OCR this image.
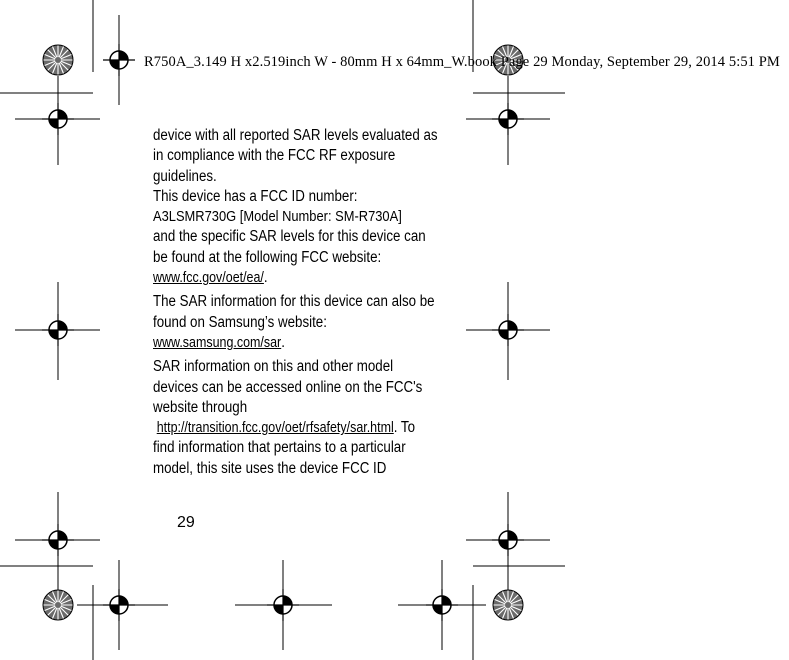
R750A_3.149 H x2.519inch W - 80mm H x 64mm_W.book Page 29 Monday, September 29, 2014 5:51 PM

device with all reported SAR levels evaluated as in compliance with the FCC RF exposure guidelines.

This device has a FCC ID number:
A3LSMR730G [Model Number: SM-R730A]
and the specific SAR levels for this device can be found at the following FCC website:
www.fcc.gov/oet/ea/.

The SAR information for this device can also be found on Samsung’s website:
www.samsung.com/sar.

SAR information on this and other model devices can be accessed online on the FCC's website through
http://transition.fcc.gov/oet/rfsafety/sar.html. To find information that pertains to a particular model, this site uses the device FCC ID

29
